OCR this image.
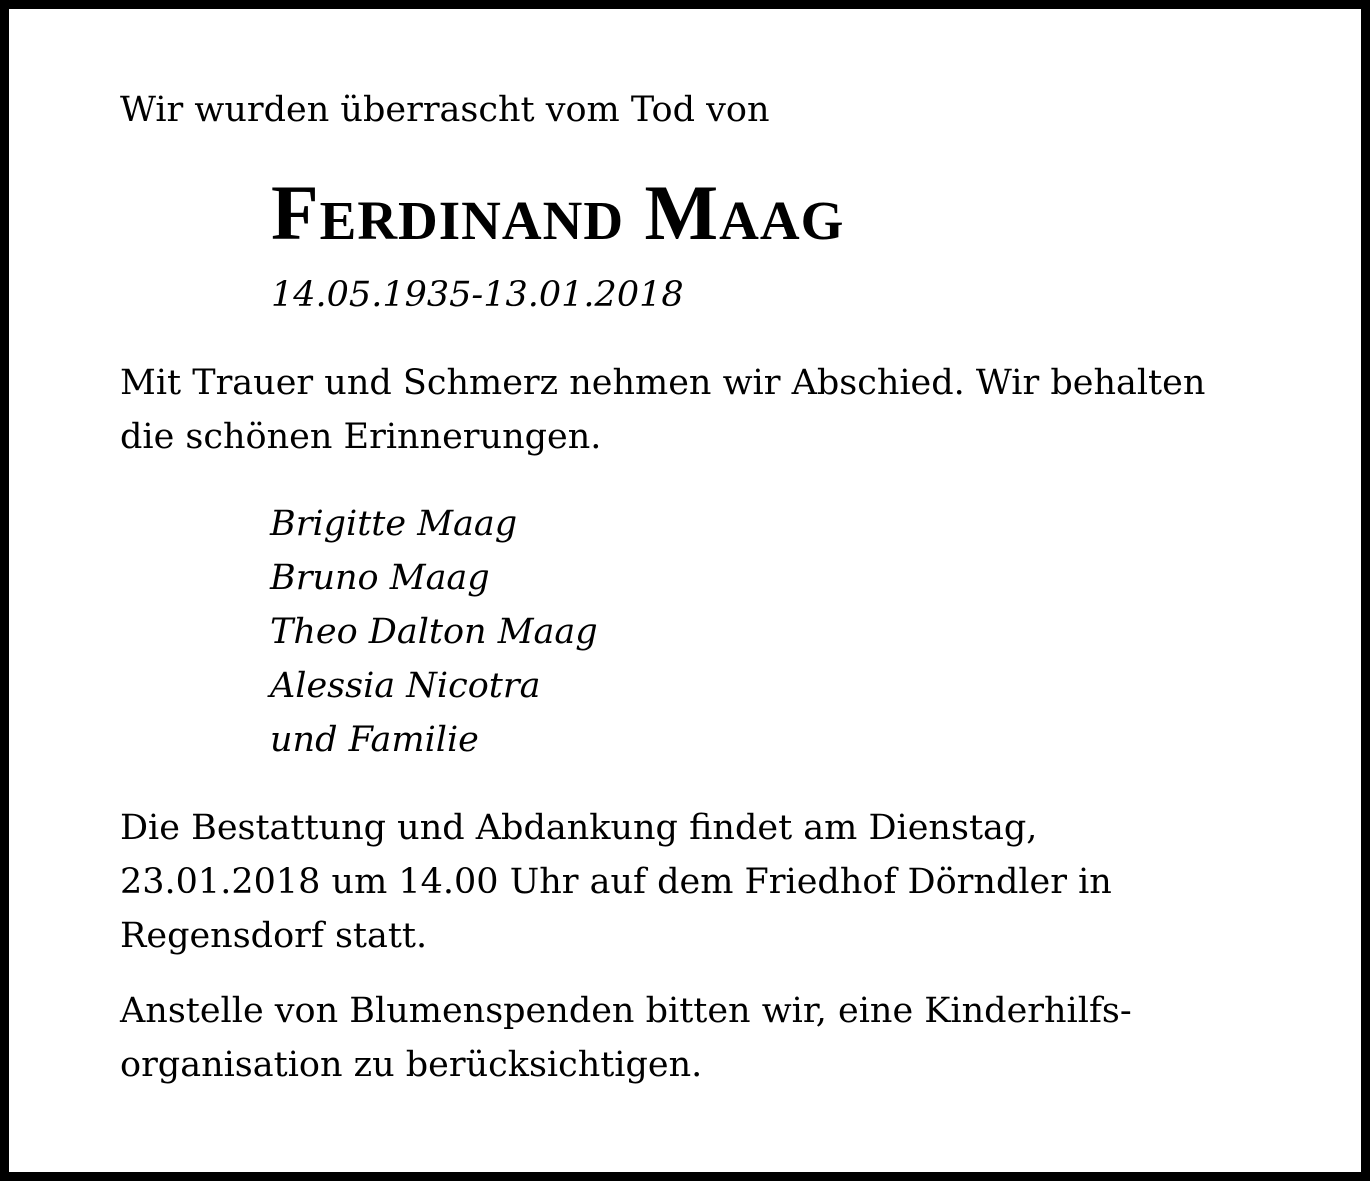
Wir wurden überrascht vom Tod von

Ferdinand Maag

14.05.1935-13.01.2018

Mit Trauer und Schmerz nehmen wir Abschied. Wir behalten
die schönen Erinnerungen.

Brigitte Maag
Bruno Maag
Theo Dalton Maag
Alessia Nicotra
und Familie

Die Bestattung und Abdankung findet am Dienstag,
23.01.2018 um 14.00 Uhr auf dem Friedhof Dörndler in
Regensdorf statt.

Anstelle von Blumenspenden bitten wir, eine Kinderhilfs-
organisation zu berücksichtigen.
